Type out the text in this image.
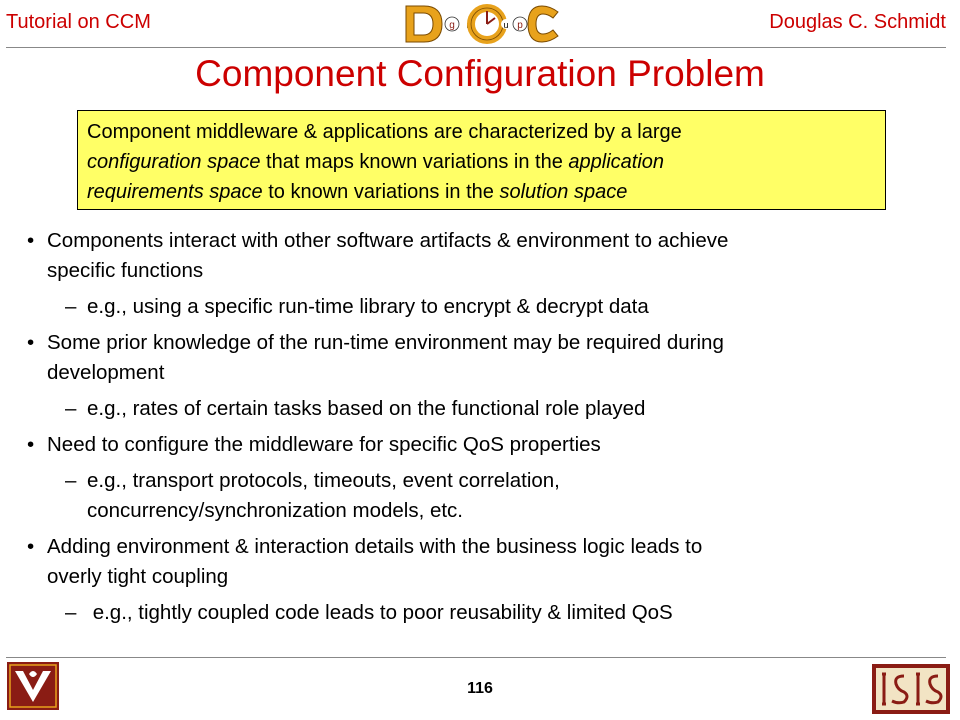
Tutorial on CCM	g r	u p	Douglas C. Schmidt
Component Configuration Problem
Component middleware & applications are characterized by a large
configuration space that maps known variations in the application
requirements space to known variations in the solution space
• Components interact with other software artifacts & environment to achieve
specific functions
– e.g., using a specific run-time library to encrypt & decrypt data
• Some prior knowledge of the run-time environment may be required during
development
– e.g., rates of certain tasks based on the functional role played
• Need to configure the middleware for specific QoS properties
– e.g., transport protocols, timeouts, event correlation,
concurrency/synchronization models, etc.
• Adding environment & interaction details with the business logic leads to
overly tight coupling
– e.g., tightly coupled code leads to poor reusability & limited QoS
116
